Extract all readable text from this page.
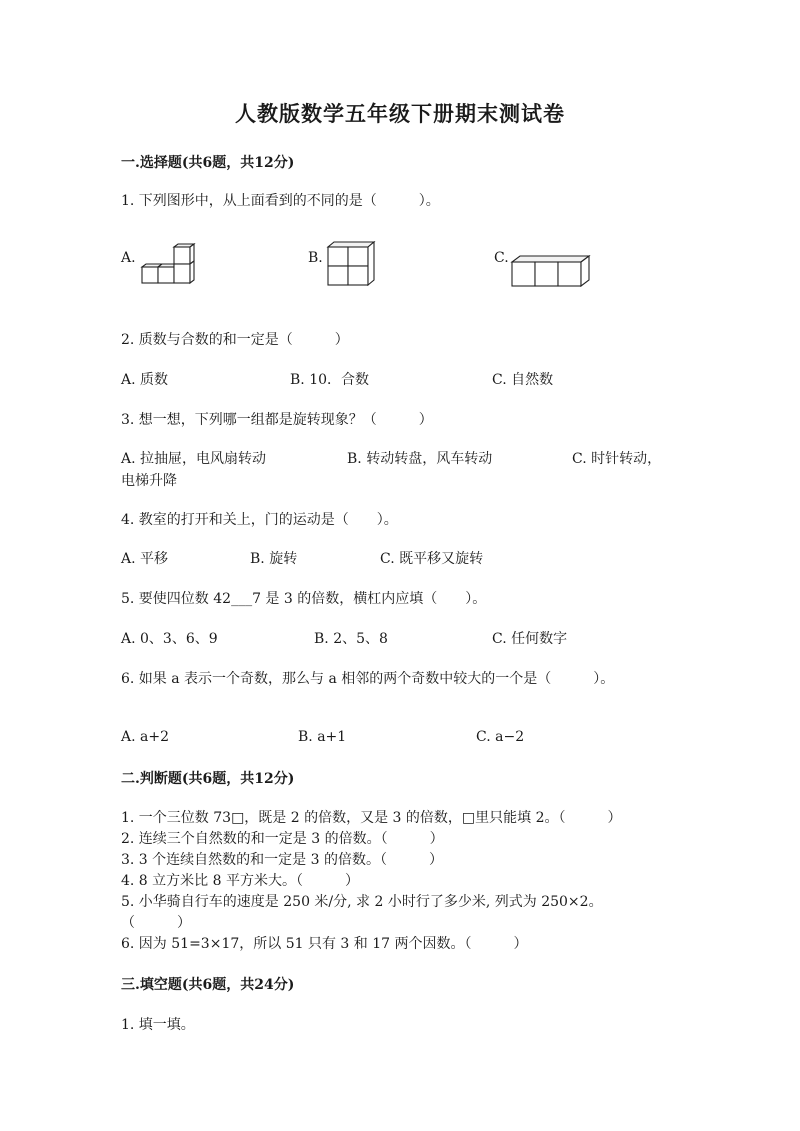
人教版数学五年级下册期末测试卷
一.选择题(共6题，共12分)
1. 下列图形中，从上面看到的不同的是（　　　）。
A.	B.	C.
2. 质数与合数的和一定是（　　　）
A. 质数	B. 10．合数	C. 自然数
3. 想一想，下列哪一组都是旋转现象？（　　　）
A. 拉抽屉，电风扇转动	B. 转动转盘，风车转动	C. 时针转动，
电梯升降
4. 教室的打开和关上，门的运动是（　　）。
A. 平移	B. 旋转	C. 既平移又旋转
5. 要使四位数 42___7 是 3 的倍数，横杠内应填（　　）。
A. 0、3、6、9	B. 2、5、8	C. 任何数字
6. 如果 a 表示一个奇数，那么与 a 相邻的两个奇数中较大的一个是（　　　）。
A. a+2	B. a+1	C. a−2
二.判断题(共6题，共12分)
1. 一个三位数 73□，既是 2 的倍数，又是 3 的倍数，□里只能填 2。（　　　）
2. 连续三个自然数的和一定是 3 的倍数。（　　　）
3. 3 个连续自然数的和一定是 3 的倍数。（　　　）
4. 8 立方米比 8 平方米大。（　　　）
5. 小华骑自行车的速度是 250 米/分, 求 2 小时行了多少米, 列式为 250×2。
（　　　）
6. 因为 51=3×17，所以 51 只有 3 和 17 两个因数。（　　　）
三.填空题(共6题，共24分)
1. 填一填。
